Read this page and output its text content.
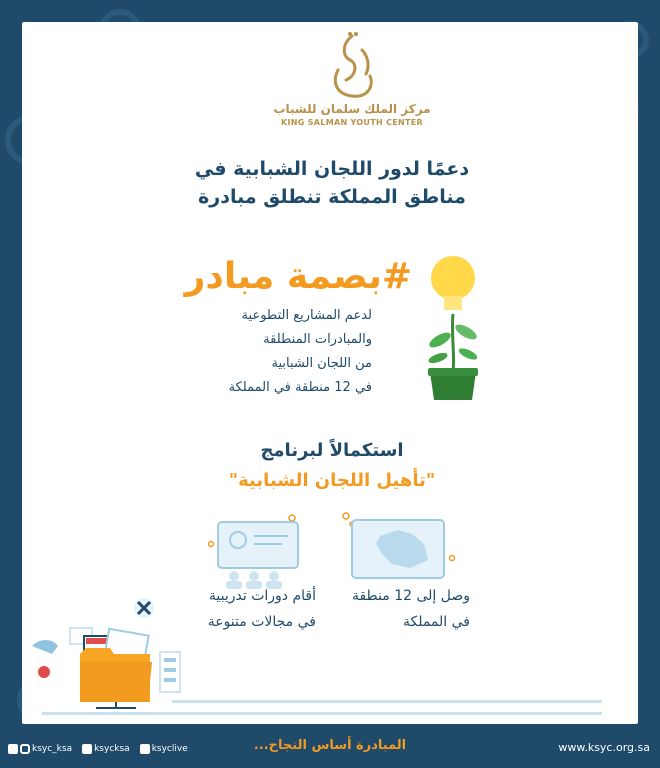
مركز الملك سلمان للشباب
KING SALMAN YOUTH CENTER
دعمًا لدور اللجان الشبابية في
مناطق المملكة تنطلق مبادرة
#بصمة مبادر
لدعم المشاريع التطوعية
والمبادرات المنطلقة
من اللجان الشبابية
في 12 منطقة في المملكة
استكمالاً لبرنامج
"تأهيل اللجان الشبابية"
وصل إلى 12 منطقة
في المملكة
أقام دورات تدريبية
في مجالات متنوعة
ksyc_ksa ksycksa ksyclive	المبادرة أساس النجاح...	www.ksyc.org.sa
